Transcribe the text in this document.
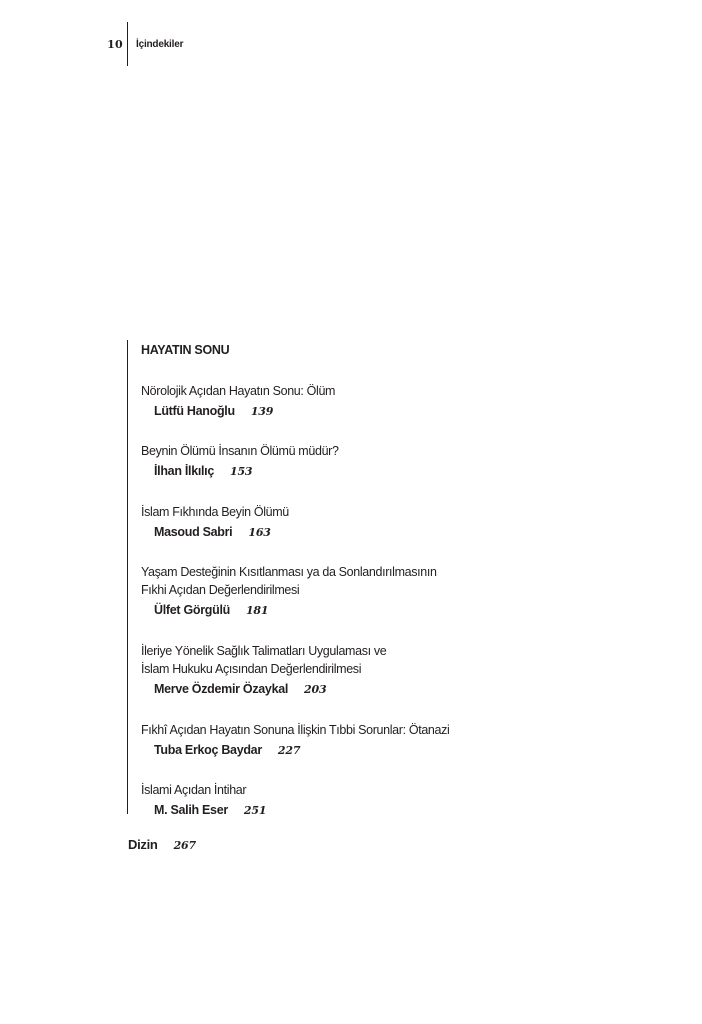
10 İçindekiler
HAYATIN SONU
Nörolojik Açıdan Hayatın Sonu: Ölüm
Lütfü Hanoğlu 139
Beynin Ölümü İnsanın Ölümü müdür?
İlhan İlkılıç 153
İslam Fıkhında Beyin Ölümü
Masoud Sabri 163
Yaşam Desteğinin Kısıtlanması ya da Sonlandırılmasının
Fıkhi Açıdan Değerlendirilmesi
Ülfet Görgülü 181
İleriye Yönelik Sağlık Talimatları Uygulaması ve
İslam Hukuku Açısından Değerlendirilmesi
Merve Özdemir Özaykal 203
Fıkhî Açıdan Hayatın Sonuna İlişkin Tıbbi Sorunlar: Ötanazi
Tuba Erkoç Baydar 227
İslami Açıdan İntihar
M. Salih Eser 251
Dizin 267
